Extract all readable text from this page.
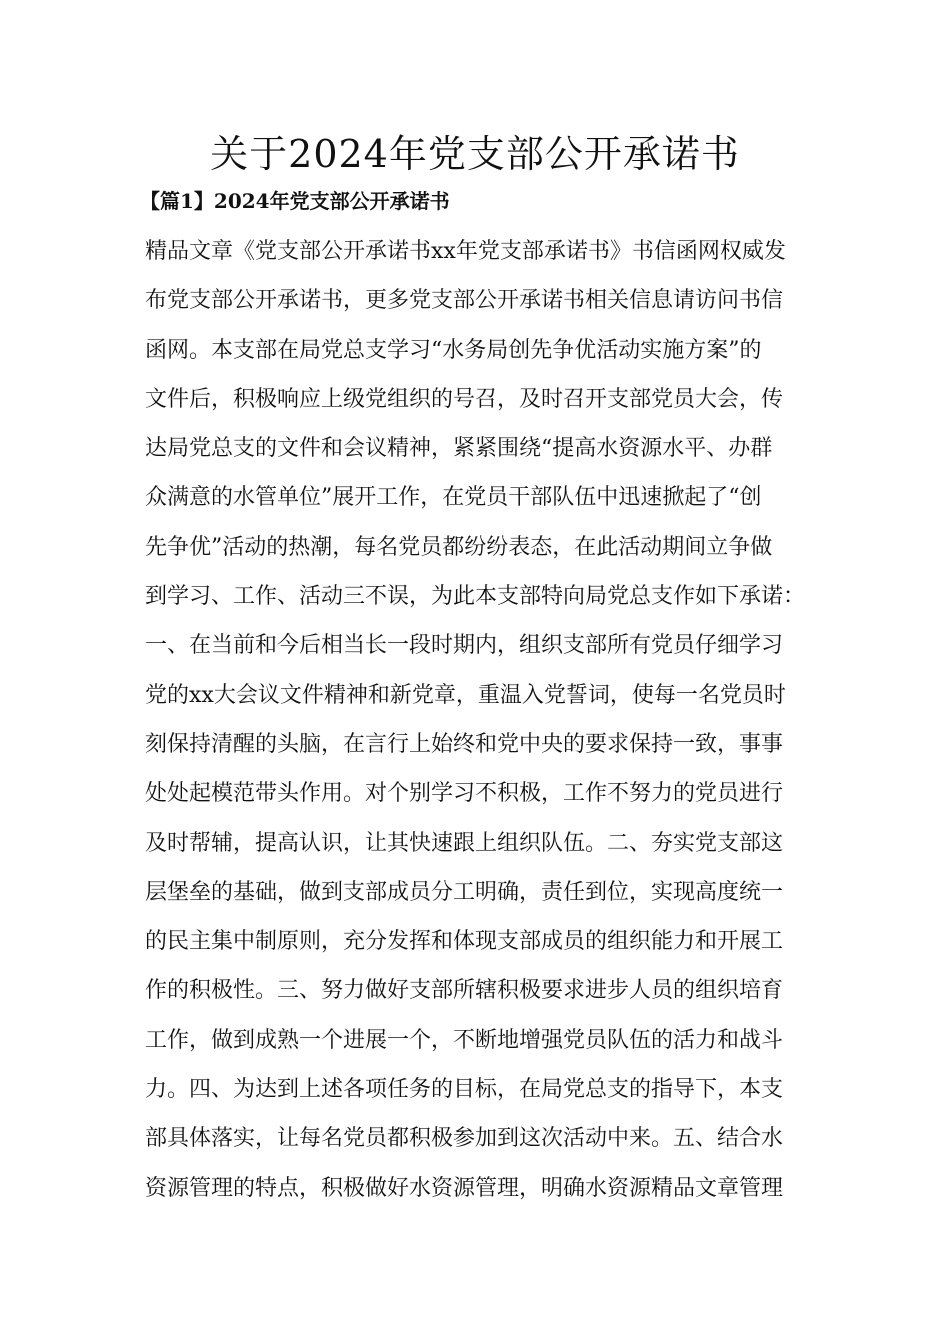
关于2024年党支部公开承诺书
【篇1】2024年党支部公开承诺书
精品文章《党支部公开承诺书xx年党支部承诺书》书信函网权威发
布党支部公开承诺书，更多党支部公开承诺书相关信息请访问书信
函网。本支部在局党总支学习“水务局创先争优活动实施方案”的
文件后，积极响应上级党组织的号召，及时召开支部党员大会，传
达局党总支的文件和会议精神，紧紧围绕“提高水资源水平、办群
众满意的水管单位”展开工作，在党员干部队伍中迅速掀起了“创
先争优”活动的热潮，每名党员都纷纷表态，在此活动期间立争做
到学习、工作、活动三不误，为此本支部特向局党总支作如下承诺：
一、在当前和今后相当长一段时期内，组织支部所有党员仔细学习
党的xx大会议文件精神和新党章，重温入党誓词，使每一名党员时
刻保持清醒的头脑，在言行上始终和党中央的要求保持一致，事事
处处起模范带头作用。对个别学习不积极，工作不努力的党员进行
及时帮辅，提高认识，让其快速跟上组织队伍。二、夯实党支部这
层堡垒的基础，做到支部成员分工明确，责任到位，实现高度统一
的民主集中制原则，充分发挥和体现支部成员的组织能力和开展工
作的积极性。三、努力做好支部所辖积极要求进步人员的组织培育
工作，做到成熟一个进展一个，不断地增强党员队伍的活力和战斗
力。四、为达到上述各项任务的目标，在局党总支的指导下，本支
部具体落实，让每名党员都积极参加到这次活动中来。五、结合水
资源管理的特点，积极做好水资源管理，明确水资源精品文章管理
